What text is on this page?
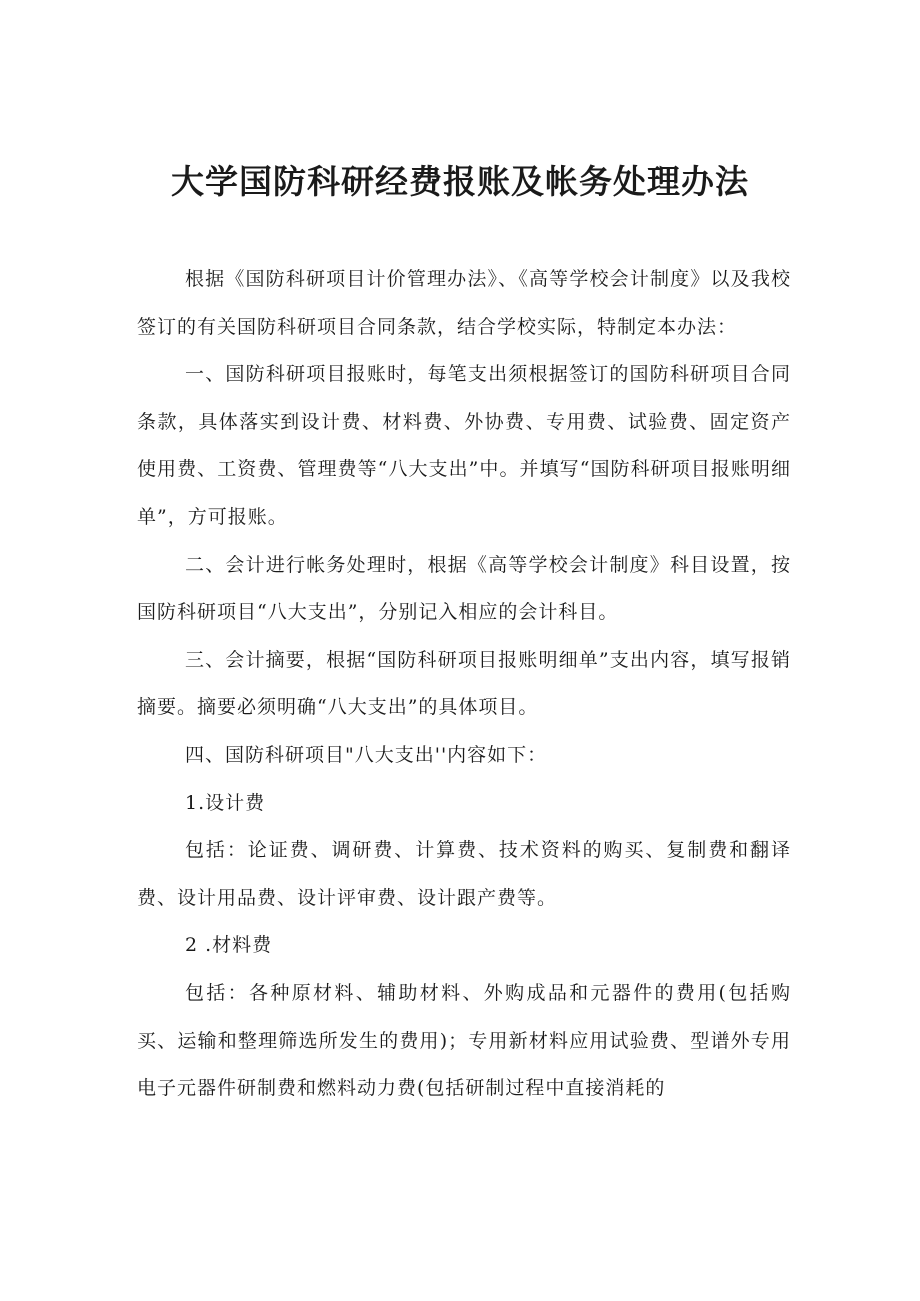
大学国防科研经费报账及帐务处理办法

根据《国防科研项目计价管理办法》、《高等学校会计制度》以及我校签订的有关国防科研项目合同条款，结合学校实际，特制定本办法：

一、国防科研项目报账时，每笔支出须根据签订的国防科研项目合同条款，具体落实到设计费、材料费、外协费、专用费、试验费、固定资产使用费、工资费、管理费等“八大支出”中。并填写“国防科研项目报账明细单”，方可报账。

二、会计进行帐务处理时，根据《高等学校会计制度》科目设置，按国防科研项目“八大支出”，分别记入相应的会计科目。

三、会计摘要，根据“国防科研项目报账明细单”支出内容，填写报销摘要。摘要必须明确“八大支出”的具体项目。

四、国防科研项目"八大支出''内容如下：

1.设计费

包括：论证费、调研费、计算费、技术资料的购买、复制费和翻译费、设计用品费、设计评审费、设计跟产费等。

2 .材料费

包括：各种原材料、辅助材料、外购成品和元器件的费用(包括购买、运输和整理筛选所发生的费用)；专用新材料应用试验费、型谱外专用电子元器件研制费和燃料动力费(包括研制过程中直接消耗的
